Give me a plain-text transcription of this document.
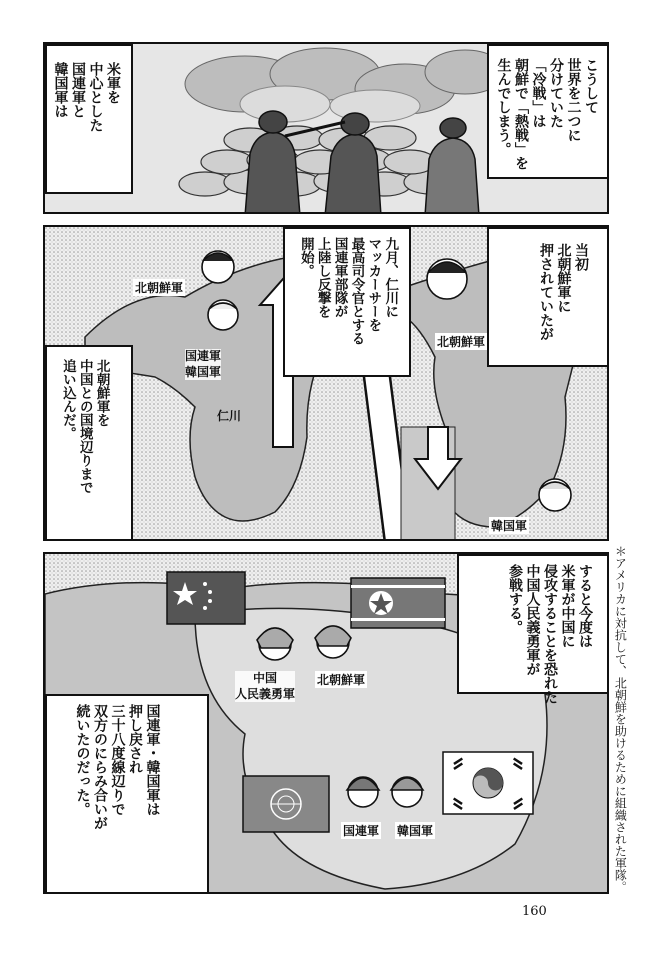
米軍を
中心とした
国連軍と
韓国軍は	こうして
世界を二つに
分けていた
「冷戦」は
朝鮮で「熱戦」を
生んでしまう。
北朝鮮軍
国連軍
韓国軍
仁川
北朝鮮軍
韓国軍
九月、仁川に
マッカーサーを
最高司令官とする
国連軍部隊が
上陸し反撃を
開始。	当初
北朝鮮軍に
押されていたが
北朝鮮軍を
中国との国境辺りまで
追い込んだ。
中国
人民義勇軍
北朝鮮軍
国連軍 韓国軍
すると今度は
米軍が中国に
侵攻することを恐れた
中国人民義勇軍が
参戦する。
国連軍・韓国軍は
押し戻され
三十八度線辺りで
双方のにらみ合いが
続いたのだった。	＊アメリカに対抗して、北朝鮮を助けるために組織された軍隊。
160
